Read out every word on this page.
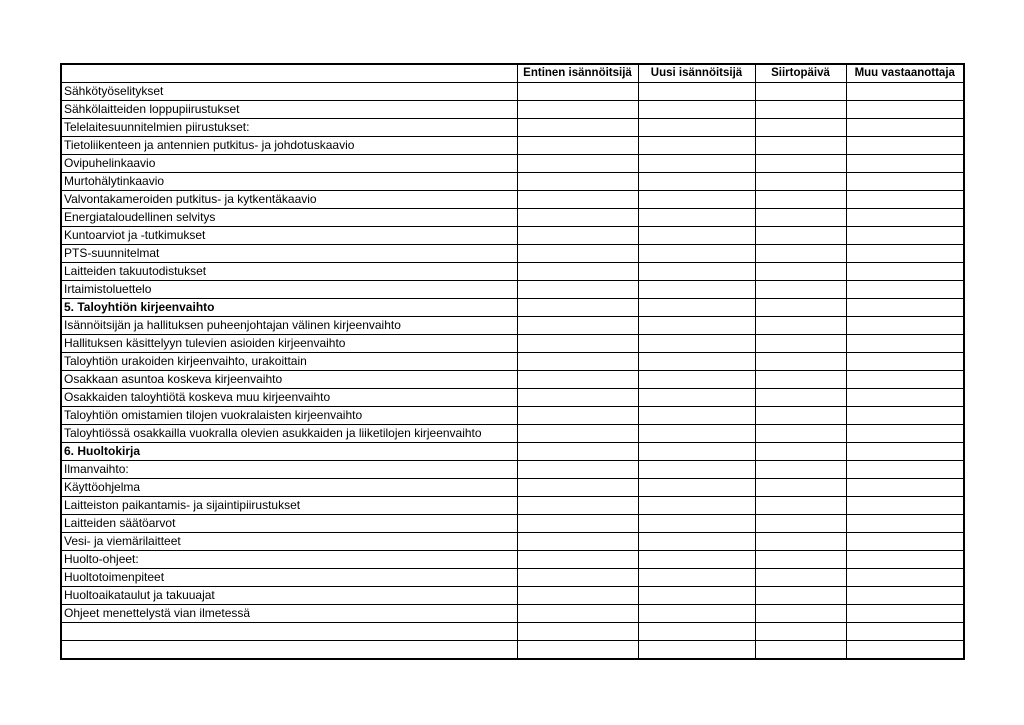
	Entinen isännöitsijä	Uusi isännöitsijä	Siirtopäivä	Muu vastaanottaja
Sähkötyöselitykset				
Sähkölaitteiden loppupiirustukset				
Telelaitesuunnitelmien piirustukset:				
Tietoliikenteen ja antennien putkitus- ja johdotuskaavio				
Ovipuhelinkaavio				
Murtohälytinkaavio				
Valvontakameroiden putkitus- ja kytkentäkaavio				
Energiataloudellinen selvitys				
Kuntoarviot ja -tutkimukset				
PTS-suunnitelmat				
Laitteiden takuutodistukset				
Irtaimistoluettelo				
5. Taloyhtiön kirjeenvaihto				
Isännöitsijän ja hallituksen puheenjohtajan välinen kirjeenvaihto				
Hallituksen käsittelyyn tulevien asioiden kirjeenvaihto				
Taloyhtiön urakoiden kirjeenvaihto, urakoittain				
Osakkaan asuntoa koskeva kirjeenvaihto				
Osakkaiden taloyhtiötä koskeva muu kirjeenvaihto				
Taloyhtiön omistamien tilojen vuokralaisten kirjeenvaihto				
Taloyhtiössä osakkailla vuokralla olevien asukkaiden ja liiketilojen kirjeenvaihto				
6. Huoltokirja				
Ilmanvaihto:				
Käyttöohjelma				
Laitteiston paikantamis- ja sijaintipiirustukset				
Laitteiden säätöarvot				
Vesi- ja viemärilaitteet				
Huolto-ohjeet:				
Huoltotoimenpiteet				
Huoltoaikataulut ja takuuajat				
Ohjeet menettelystä vian ilmetessä				
